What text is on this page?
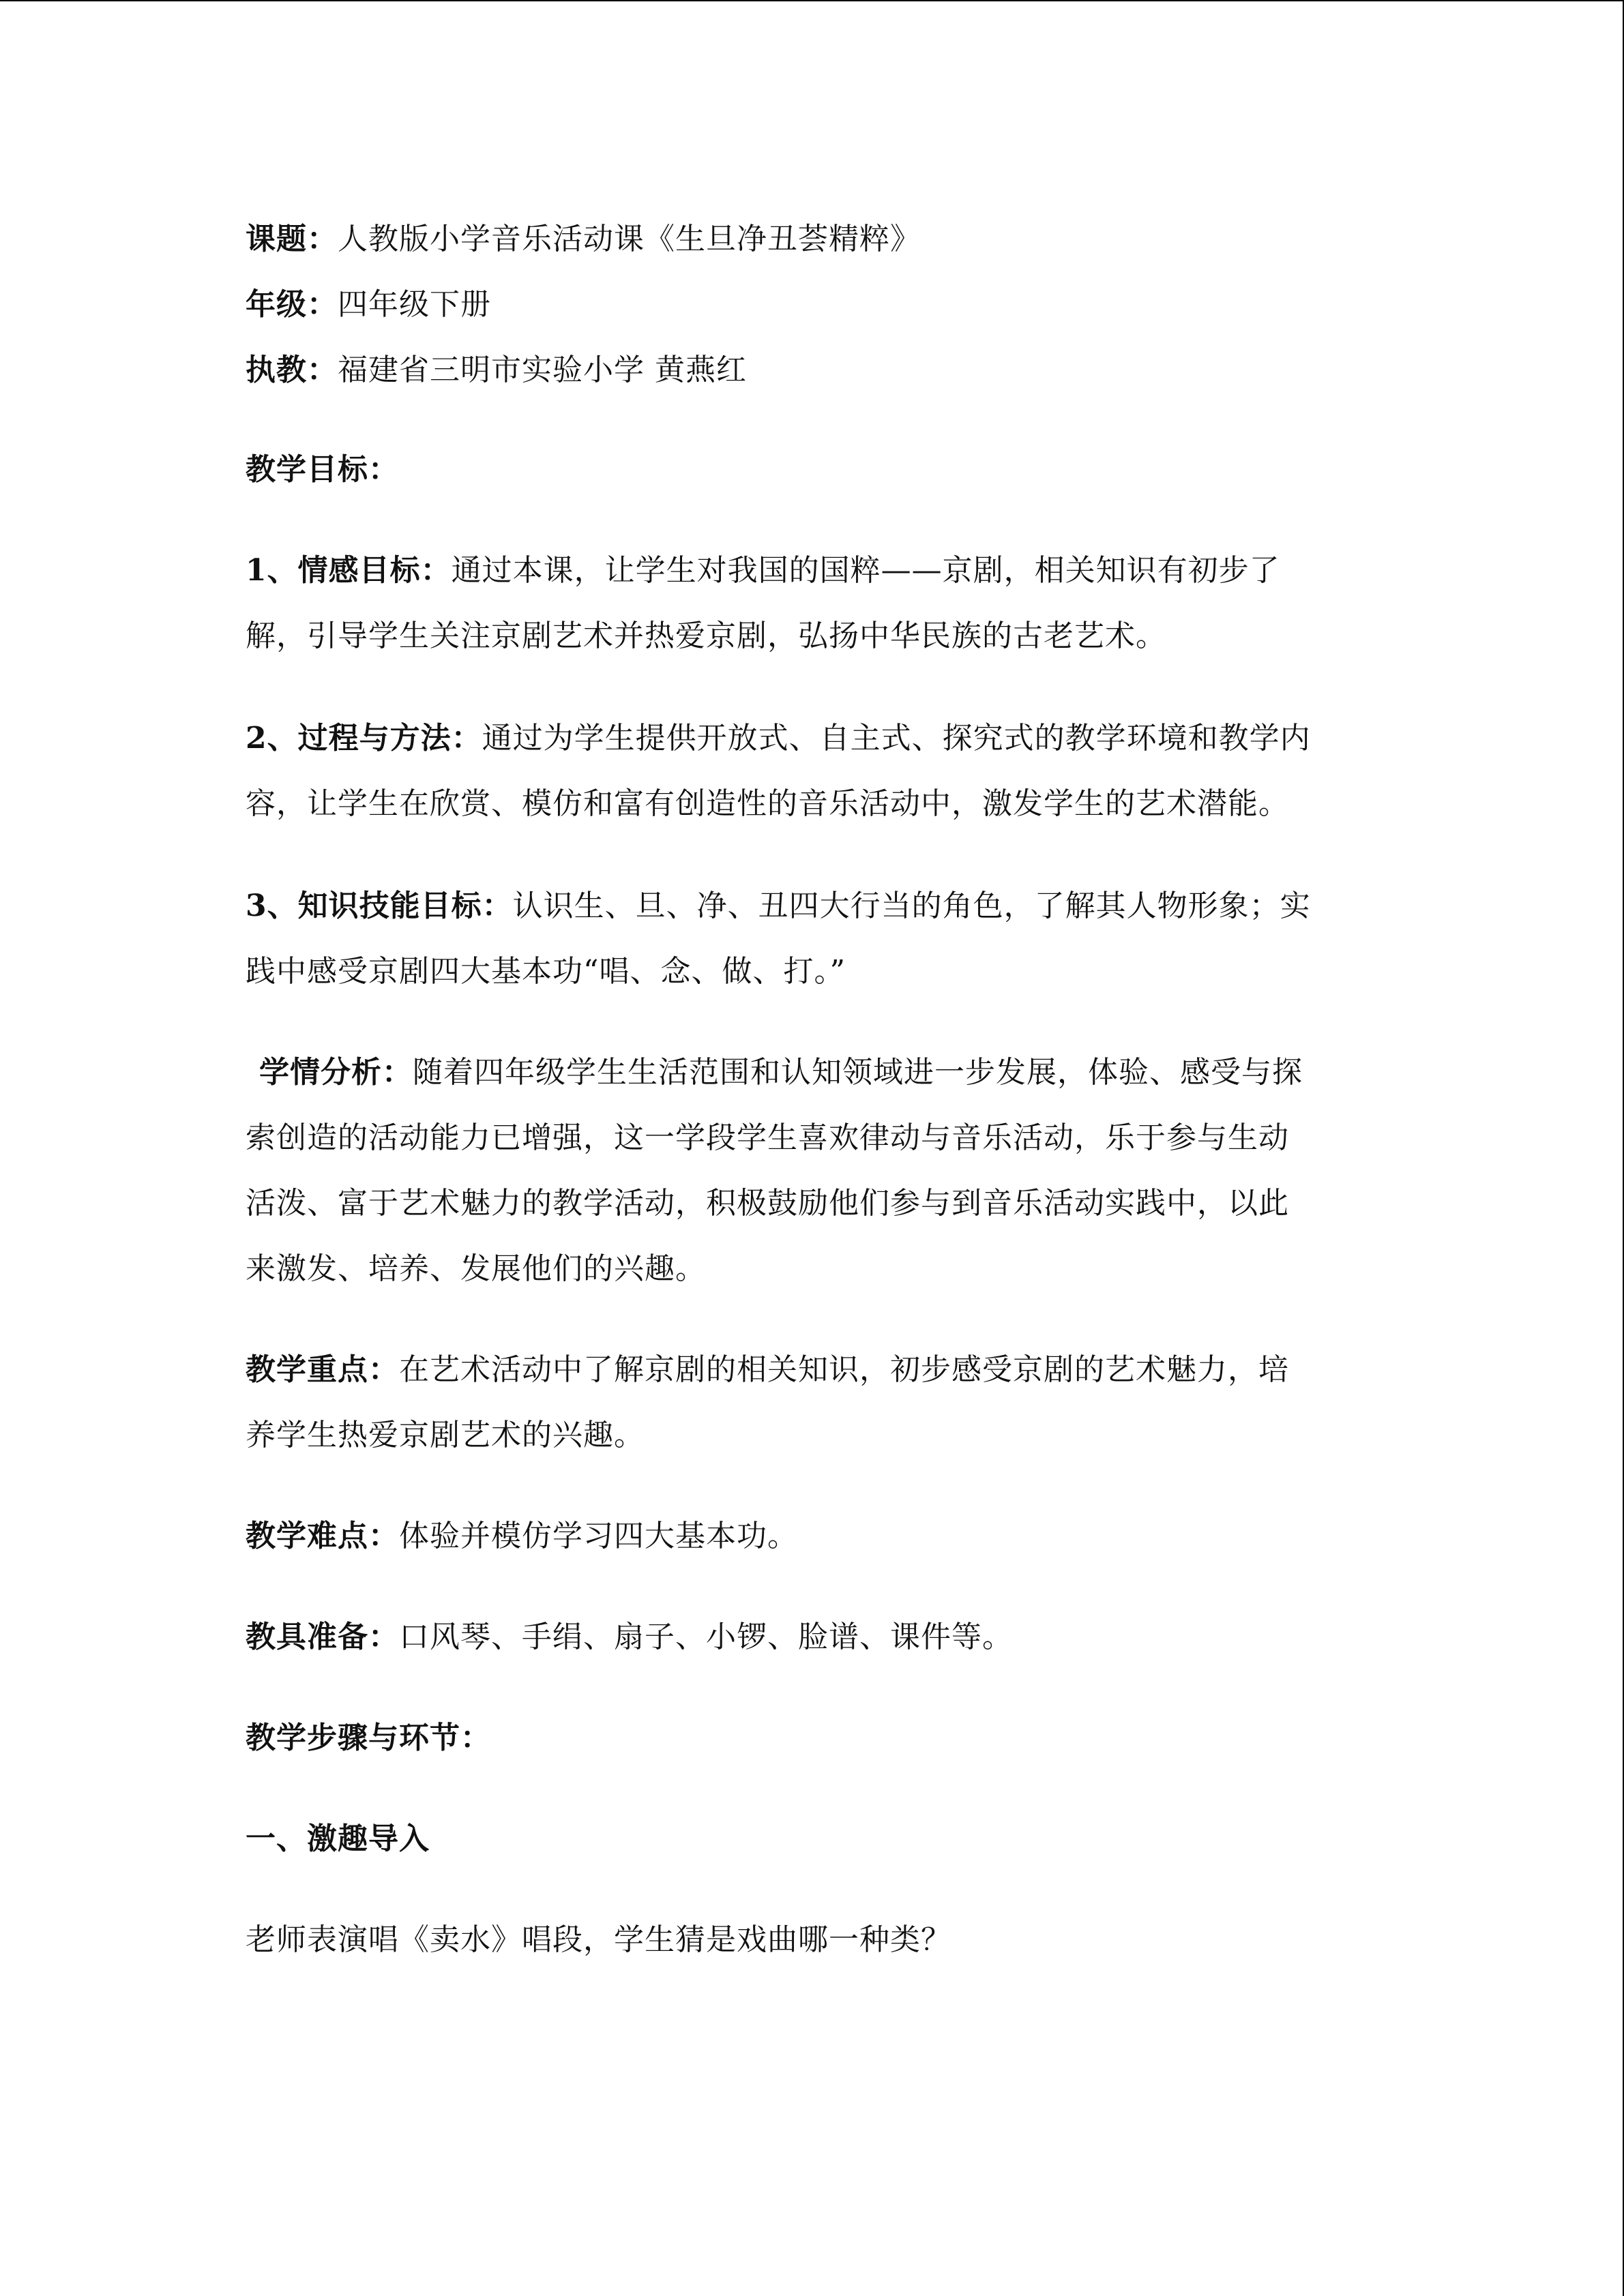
课题：人教版小学音乐活动课《生旦净丑荟精粹》
年级：四年级下册
执教：福建省三明市实验小学 黄燕红
教学目标：
1、情感目标：通过本课，让学生对我国的国粹——京剧，相关知识有初步了
解，引导学生关注京剧艺术并热爱京剧，弘扬中华民族的古老艺术。
2、过程与方法：通过为学生提供开放式、自主式、探究式的教学环境和教学内
容，让学生在欣赏、模仿和富有创造性的音乐活动中，激发学生的艺术潜能。
3、知识技能目标：认识生、旦、净、丑四大行当的角色，了解其人物形象；实
践中感受京剧四大基本功“唱、念、做、打。”
学情分析：随着四年级学生生活范围和认知领域进一步发展，体验、感受与探
索创造的活动能力已增强，这一学段学生喜欢律动与音乐活动，乐于参与生动
活泼、富于艺术魅力的教学活动，积极鼓励他们参与到音乐活动实践中，以此
来激发、培养、发展他们的兴趣。
教学重点：在艺术活动中了解京剧的相关知识，初步感受京剧的艺术魅力，培
养学生热爱京剧艺术的兴趣。
教学难点：体验并模仿学习四大基本功。
教具准备：口风琴、手绢、扇子、小锣、脸谱、课件等。
教学步骤与环节：
一、激趣导入
老师表演唱《卖水》唱段，学生猜是戏曲哪一种类？
